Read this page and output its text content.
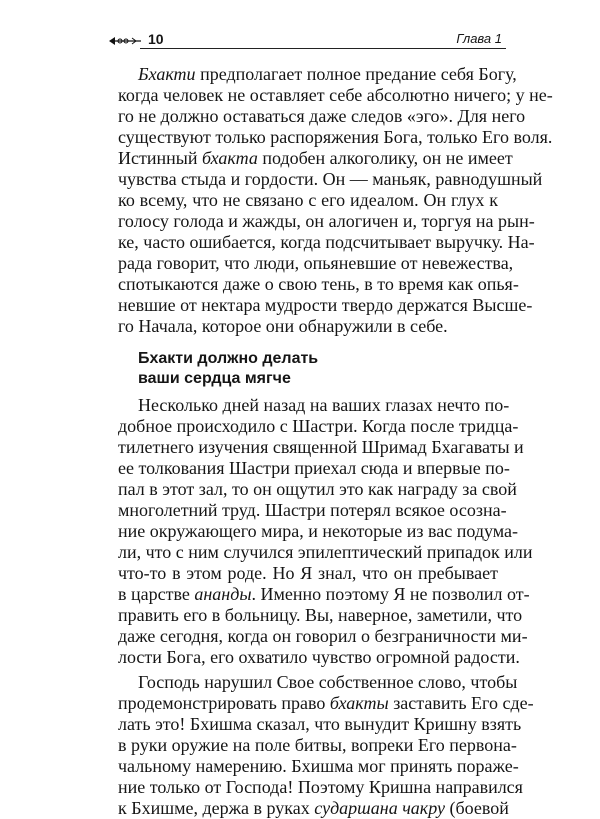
10	Глава 1
Бхакти предполагает полное предание себя Богу,
когда человек не оставляет себе абсолютно ничего; у не-
го не должно оставаться даже следов «эго». Для него
существуют только распоряжения Бога, только Его воля.
Истинный бхакта подобен алкоголику, он не имеет
чувства стыда и гордости. Он — маньяк, равнодушный
ко всему, что не связано с его идеалом. Он глух к
голосу голода и жажды, он алогичен и, торгуя на рын-
ке, часто ошибается, когда подсчитывает выручку. На-
рада говорит, что люди, опьяневшие от невежества,
спотыкаются даже о свою тень, в то время как опья-
невшие от нектара мудрости твердо держатся Высше-
го Начала, которое они обнаружили в себе.
Бхакти должно делать
ваши сердца мягче
Несколько дней назад на ваших глазах нечто по-
добное происходило с Шастри. Когда после тридца-
тилетнего изучения священной Шримад Бхагаваты и
ее толкования Шастри приехал сюда и впервые по-
пал в этот зал, то он ощутил это как награду за свой
многолетний труд. Шастри потерял всякое осозна-
ние окружающего мира, и некоторые из вас подума-
ли, что с ним случился эпилептический припадок или
что-то в этом роде. Но Я знал, что он пребывает
в царстве ананды. Именно поэтому Я не позволил от-
править его в больницу. Вы, наверное, заметили, что
даже сегодня, когда он говорил о безграничности ми-
лости Бога, его охватило чувство огромной радости.
Господь нарушил Свое собственное слово, чтобы
продемонстрировать право бхакты заставить Его сде-
лать это! Бхишма сказал, что вынудит Кришну взять
в руки оружие на поле битвы, вопреки Его первона-
чальному намерению. Бхишма мог принять пораже-
ние только от Господа! Поэтому Кришна направился
к Бхишме, держа в руках сударшана чакру (боевой
